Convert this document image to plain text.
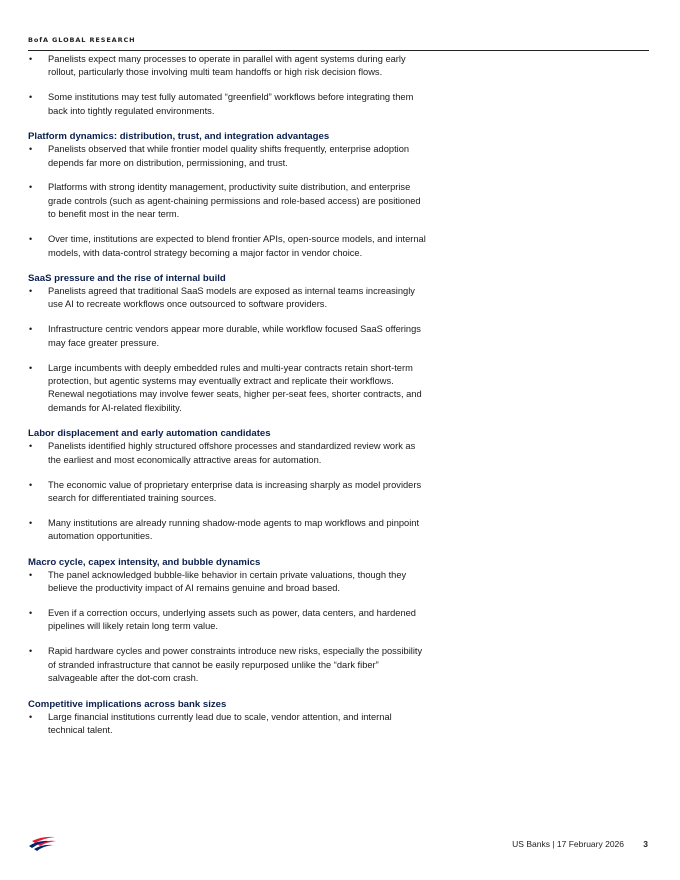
BofA GLOBAL RESEARCH
• Panelists expect many processes to operate in parallel with agent systems during early rollout, particularly those involving multi team handoffs or high risk decision flows.
• Some institutions may test fully automated “greenfield” workflows before integrating them back into tightly regulated environments.
Platform dynamics: distribution, trust, and integration advantages
• Panelists observed that while frontier model quality shifts frequently, enterprise adoption depends far more on distribution, permissioning, and trust.
• Platforms with strong identity management, productivity suite distribution, and enterprise grade controls (such as agent-chaining permissions and role-based access) are positioned to benefit most in the near term.
• Over time, institutions are expected to blend frontier APIs, open-source models, and internal models, with data-control strategy becoming a major factor in vendor choice.
SaaS pressure and the rise of internal build
• Panelists agreed that traditional SaaS models are exposed as internal teams increasingly use AI to recreate workflows once outsourced to software providers.
• Infrastructure centric vendors appear more durable, while workflow focused SaaS offerings may face greater pressure.
• Large incumbents with deeply embedded rules and multi-year contracts retain short-term protection, but agentic systems may eventually extract and replicate their workflows. Renewal negotiations may involve fewer seats, higher per-seat fees, shorter contracts, and demands for AI-related flexibility.
Labor displacement and early automation candidates
• Panelists identified highly structured offshore processes and standardized review work as the earliest and most economically attractive areas for automation.
• The economic value of proprietary enterprise data is increasing sharply as model providers search for differentiated training sources.
• Many institutions are already running shadow-mode agents to map workflows and pinpoint automation opportunities.
Macro cycle, capex intensity, and bubble dynamics
• The panel acknowledged bubble-like behavior in certain private valuations, though they believe the productivity impact of AI remains genuine and broad based.
• Even if a correction occurs, underlying assets such as power, data centers, and hardened pipelines will likely retain long term value.
• Rapid hardware cycles and power constraints introduce new risks, especially the possibility of stranded infrastructure that cannot be easily repurposed unlike the “dark fiber” salvageable after the dot-com crash.
Competitive implications across bank sizes
• Large financial institutions currently lead due to scale, vendor attention, and internal technical talent.
US Banks | 17 February 2026 3
